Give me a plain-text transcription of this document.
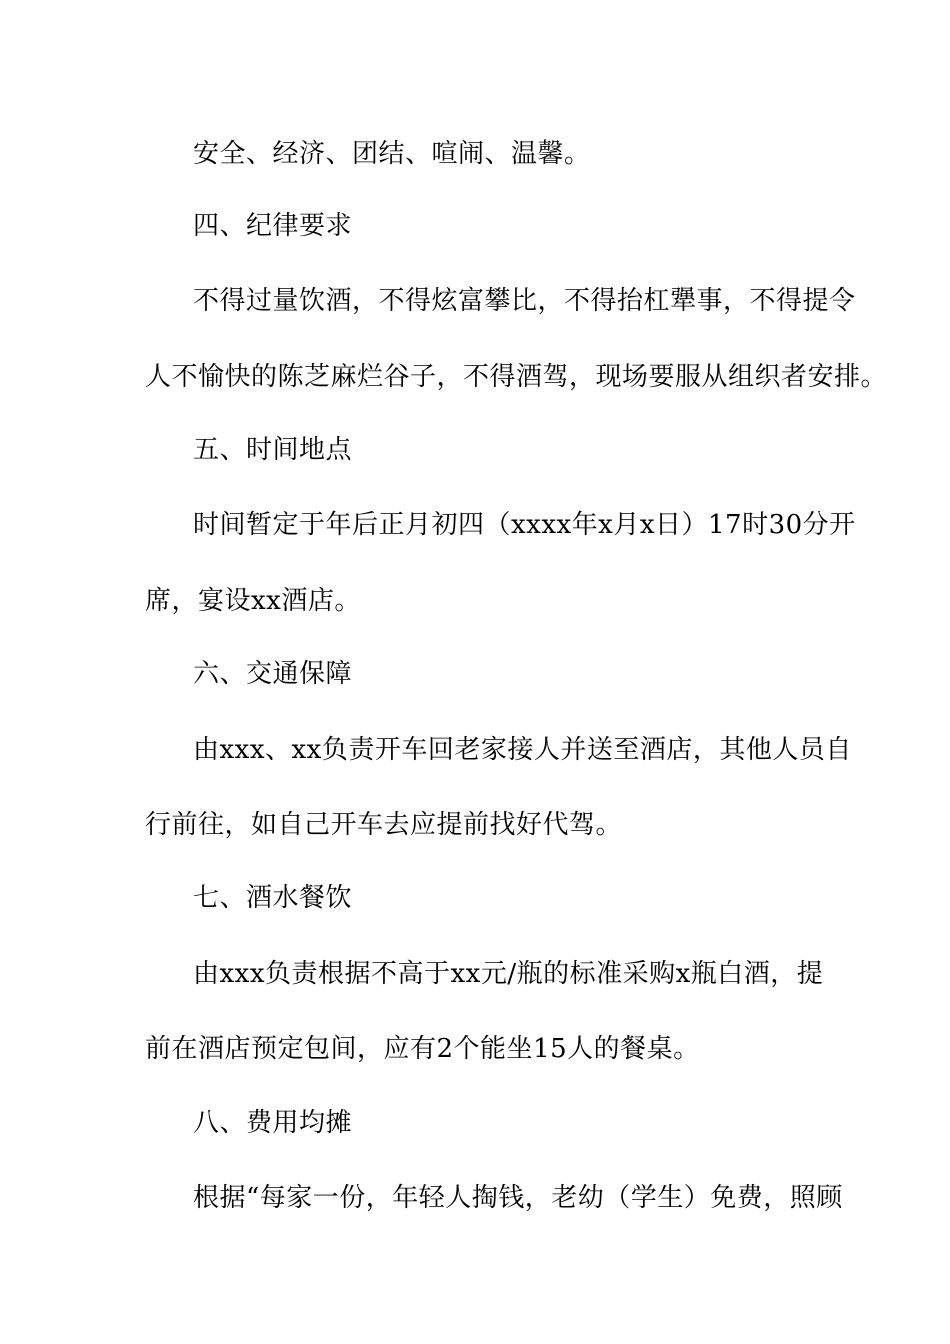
安全、经济、团结、喧闹、温馨。
四、纪律要求
不得过量饮酒，不得炫富攀比，不得抬杠犟事，不得提令
人不愉快的陈芝麻烂谷子，不得酒驾，现场要服从组织者安排。
五、时间地点
时间暂定于年后正月初四（xxxx年x月x日）17时30分开
席，宴设xx酒店。
六、交通保障
由xxx、xx负责开车回老家接人并送至酒店，其他人员自
行前往，如自己开车去应提前找好代驾。
七、酒水餐饮
由xxx负责根据不高于xx元/瓶的标准采购x瓶白酒，提
前在酒店预定包间，应有2个能坐15人的餐桌。
八、费用均摊
根据“每家一份，年轻人掏钱，老幼（学生）免费，照顾
